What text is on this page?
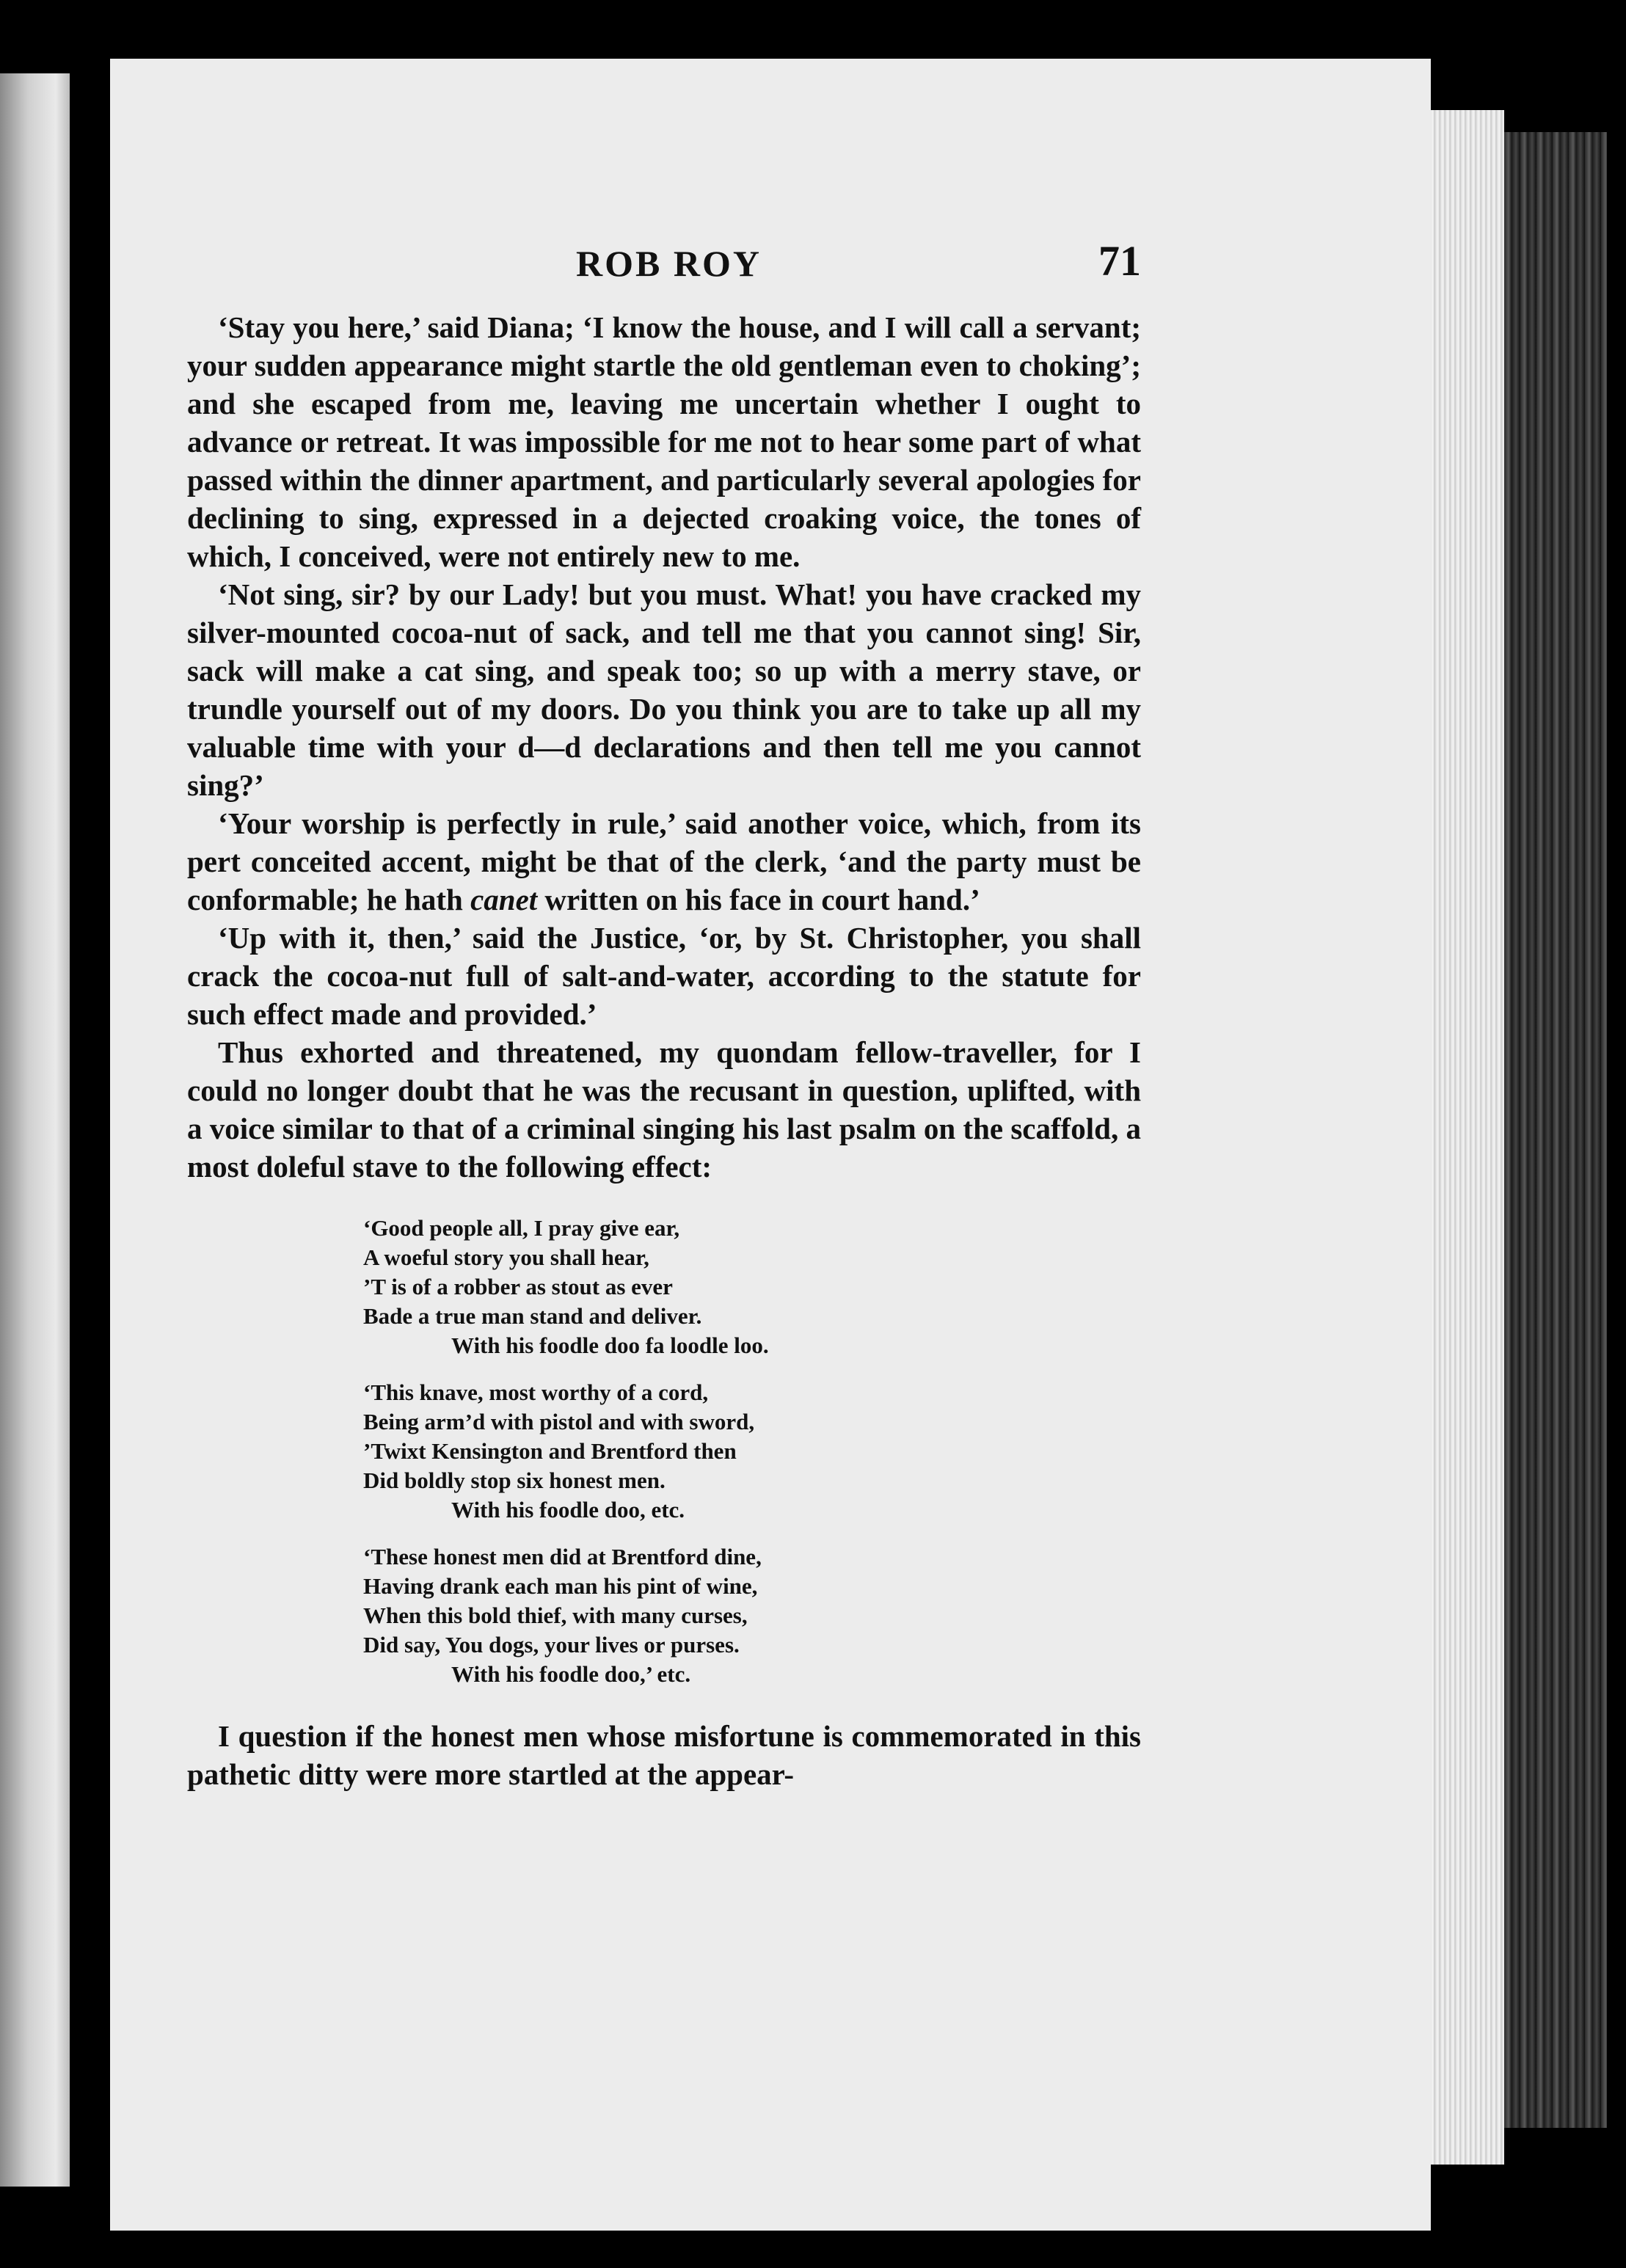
ROB ROY	71

‘Stay you here,’ said Diana; ‘I know the house, and I will call a servant; your sudden appearance might startle the old gentleman even to choking’; and she escaped from me, leaving me uncertain whether I ought to advance or retreat. It was impossible for me not to hear some part of what passed within the dinner apartment, and particularly several apologies for declining to sing, expressed in a dejected croaking voice, the tones of which, I conceived, were not entirely new to me.

‘Not sing, sir? by our Lady! but you must. What! you have cracked my silver-mounted cocoa-nut of sack, and tell me that you cannot sing! Sir, sack will make a cat sing, and speak too; so up with a merry stave, or trundle yourself out of my doors. Do you think you are to take up all my valuable time with your d—d declarations and then tell me you cannot sing?’

‘Your worship is perfectly in rule,’ said another voice, which, from its pert conceited accent, might be that of the clerk, ‘and the party must be conformable; he hath canet written on his face in court hand.’

‘Up with it, then,’ said the Justice, ‘or, by St. Christopher, you shall crack the cocoa-nut full of salt-and-water, according to the statute for such effect made and provided.’

Thus exhorted and threatened, my quondam fellow-traveller, for I could no longer doubt that he was the recusant in question, uplifted, with a voice similar to that of a criminal singing his last psalm on the scaffold, a most doleful stave to the following effect:

‘Good people all, I pray give ear,
A woeful story you shall hear,
’T is of a robber as stout as ever
Bade a true man stand and deliver.
With his foodle doo fa loodle loo.
‘This knave, most worthy of a cord,
Being arm’d with pistol and with sword,
’Twixt Kensington and Brentford then
Did boldly stop six honest men.
With his foodle doo, etc.
‘These honest men did at Brentford dine,
Having drank each man his pint of wine,
When this bold thief, with many curses,
Did say, You dogs, your lives or purses.
With his foodle doo,’ etc.

I question if the honest men whose misfortune is commemorated in this pathetic ditty were more startled at the appear-
